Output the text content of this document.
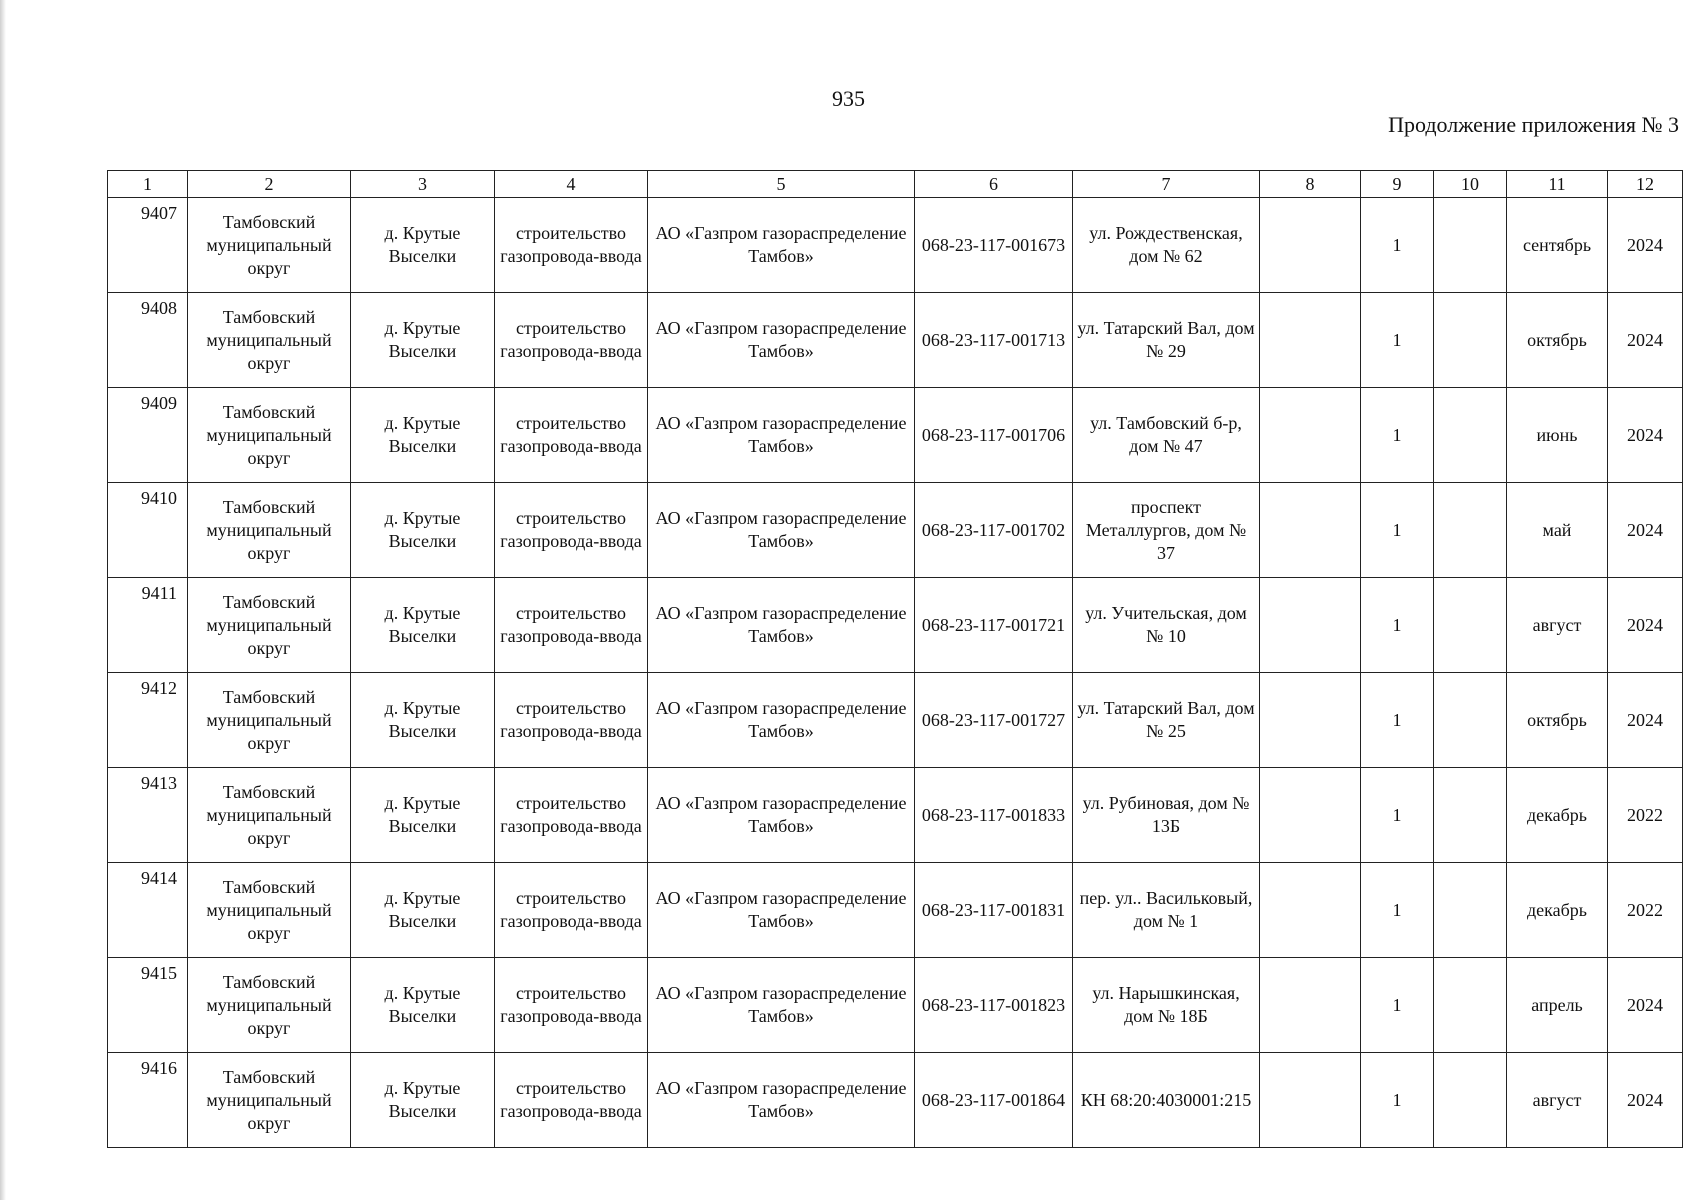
935
Продолжение приложения № 3
1	2	3	4	5	6	7	8	9	10	11	12
9407	Тамбовский муниципальный округ	д. Крутые Выселки	строительство газопровода-ввода	АО «Газпром газораспределение Тамбов»	068-23-117-001673	ул. Рождественская, дом № 62		1		сентябрь	2024
9408	Тамбовский муниципальный округ	д. Крутые Выселки	строительство газопровода-ввода	АО «Газпром газораспределение Тамбов»	068-23-117-001713	ул. Татарский Вал, дом № 29		1		октябрь	2024
9409	Тамбовский муниципальный округ	д. Крутые Выселки	строительство газопровода-ввода	АО «Газпром газораспределение Тамбов»	068-23-117-001706	ул. Тамбовский б-р, дом № 47		1		июнь	2024
9410	Тамбовский муниципальный округ	д. Крутые Выселки	строительство газопровода-ввода	АО «Газпром газораспределение Тамбов»	068-23-117-001702	проспект Металлургов, дом № 37		1		май	2024
9411	Тамбовский муниципальный округ	д. Крутые Выселки	строительство газопровода-ввода	АО «Газпром газораспределение Тамбов»	068-23-117-001721	ул. Учительская, дом № 10		1		август	2024
9412	Тамбовский муниципальный округ	д. Крутые Выселки	строительство газопровода-ввода	АО «Газпром газораспределение Тамбов»	068-23-117-001727	ул. Татарский Вал, дом № 25		1		октябрь	2024
9413	Тамбовский муниципальный округ	д. Крутые Выселки	строительство газопровода-ввода	АО «Газпром газораспределение Тамбов»	068-23-117-001833	ул. Рубиновая, дом № 13Б		1		декабрь	2022
9414	Тамбовский муниципальный округ	д. Крутые Выселки	строительство газопровода-ввода	АО «Газпром газораспределение Тамбов»	068-23-117-001831	пер. ул.. Васильковый, дом № 1		1		декабрь	2022
9415	Тамбовский муниципальный округ	д. Крутые Выселки	строительство газопровода-ввода	АО «Газпром газораспределение Тамбов»	068-23-117-001823	ул. Нарышкинская, дом № 18Б		1		апрель	2024
9416	Тамбовский муниципальный округ	д. Крутые Выселки	строительство газопровода-ввода	АО «Газпром газораспределение Тамбов»	068-23-117-001864	КН 68:20:4030001:215		1		август	2024
